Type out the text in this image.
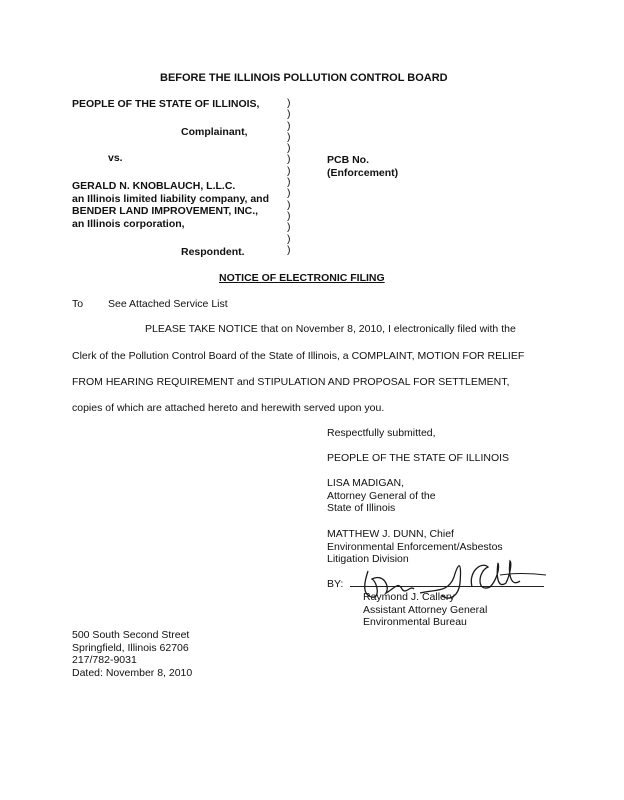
BEFORE THE ILLINOIS POLLUTION CONTROL BOARD
PEOPLE OF THE STATE OF ILLINOIS,
Complainant,
vs.
GERALD N. KNOBLAUCH, L.L.C.
an Illinois limited liability company, and
BENDER LAND IMPROVEMENT, INC.,
an Illinois corporation,
Respondent.
)
)
)
)
)
)
)
)
)
)
)
)
)
)
PCB No.
(Enforcement)
NOTICE OF ELECTRONIC FILING
To See Attached Service List
PLEASE TAKE NOTICE that on November 8, 2010, I electronically filed with the
Clerk of the Pollution Control Board of the State of Illinois, a COMPLAINT, MOTION FOR RELIEF
FROM HEARING REQUIREMENT and STIPULATION AND PROPOSAL FOR SETTLEMENT,
copies of which are attached hereto and herewith served upon you.
Respectfully submitted,
PEOPLE OF THE STATE OF ILLINOIS
LISA MADIGAN,
Attorney General of the
State of Illinois
MATTHEW J. DUNN, Chief
Environmental Enforcement/Asbestos
Litigation Division
BY:
Raymond J. Callery
Assistant Attorney General
Environmental Bureau
500 South Second Street
Springfield, Illinois 62706
217/782-9031
Dated: November 8, 2010
